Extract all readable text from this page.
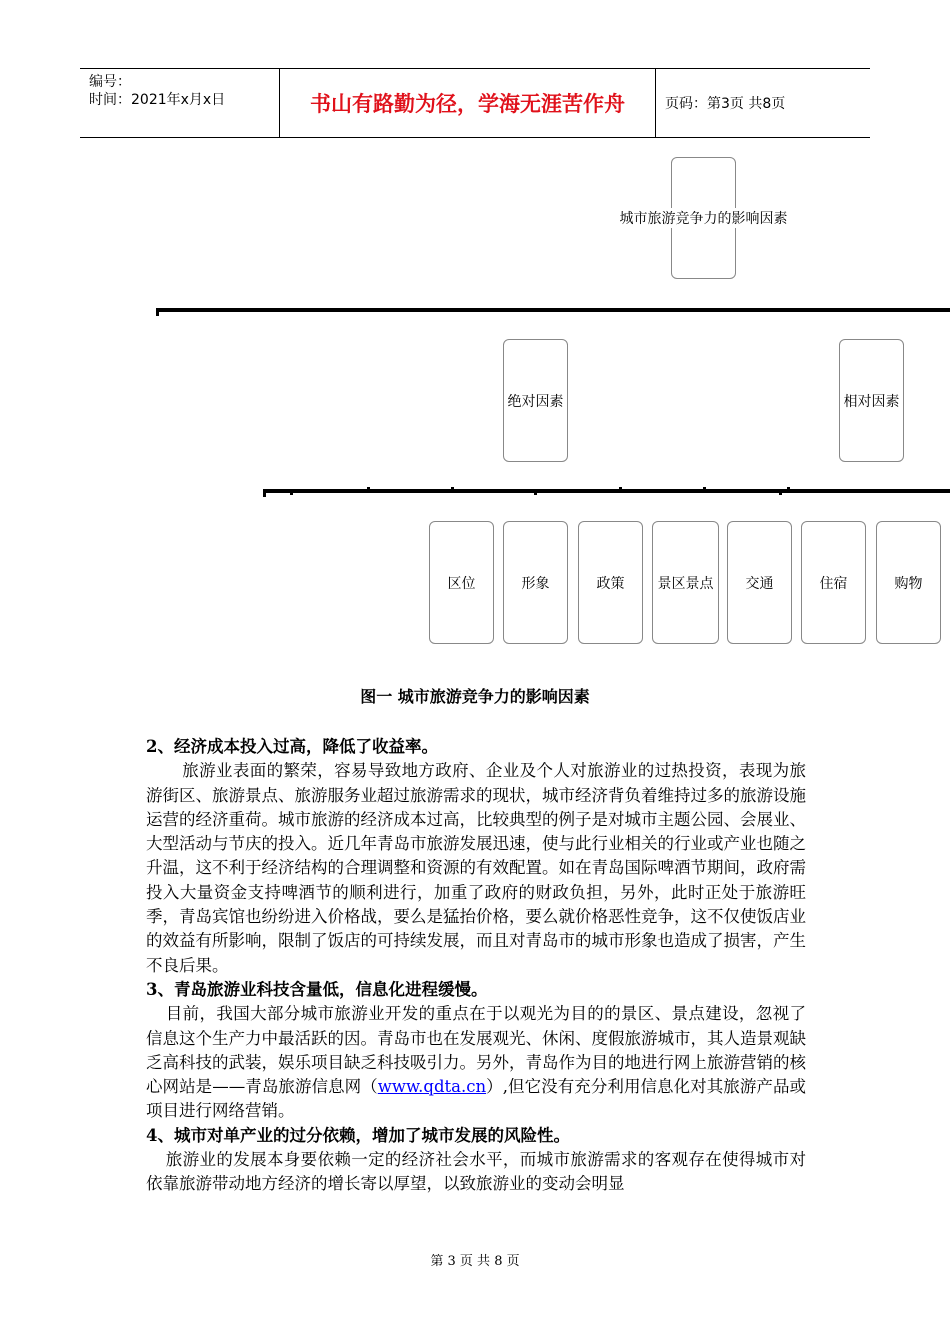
编号：
时间：2021年x月x日	书山有路勤为径，学海无涯苦作舟	页码：第3页 共8页
城市旅游竞争力的影响因素
绝对因素	相对因素
区位	形象	政策 景区景点 交通	住宿	购物
图一 城市旅游竞争力的影响因素

2、经济成本投入过高，降低了收益率。

旅游业表面的繁荣，容易导致地方政府、企业及个人对旅游业的过热投资，表现为旅游街区、旅游景点、旅游服务业超过旅游需求的现状，城市经济背负着维持过多的旅游设施运营的经济重荷。城市旅游的经济成本过高，比较典型的例子是对城市主题公园、会展业、大型活动与节庆的投入。近几年青岛市旅游发展迅速，使与此行业相关的行业或产业也随之升温，这不利于经济结构的合理调整和资源的有效配置。如在青岛国际啤酒节期间，政府需投入大量资金支持啤酒节的顺利进行，加重了政府的财政负担，另外，此时正处于旅游旺季，青岛宾馆也纷纷进入价格战，要么是猛抬价格，要么就价格恶性竞争，这不仅使饭店业的效益有所影响，限制了饭店的可持续发展，而且对青岛市的城市形象也造成了损害，产生不良后果。

3、青岛旅游业科技含量低，信息化进程缓慢。

目前，我国大部分城市旅游业开发的重点在于以观光为目的的景区、景点建设，忽视了信息这个生产力中最活跃的因。青岛市也在发展观光、休闲、度假旅游城市，其人造景观缺乏高科技的武装，娱乐项目缺乏科技吸引力。另外，青岛作为目的地进行网上旅游营销的核心网站是——青岛旅游信息网（www.qdta.cn）,但它没有充分利用信息化对其旅游产品或项目进行网络营销。

4、城市对单产业的过分依赖，增加了城市发展的风险性。

旅游业的发展本身要依赖一定的经济社会水平，而城市旅游需求的客观存在使得城市对依靠旅游带动地方经济的增长寄以厚望，以致旅游业的变动会明显

第 3 页 共 8 页
